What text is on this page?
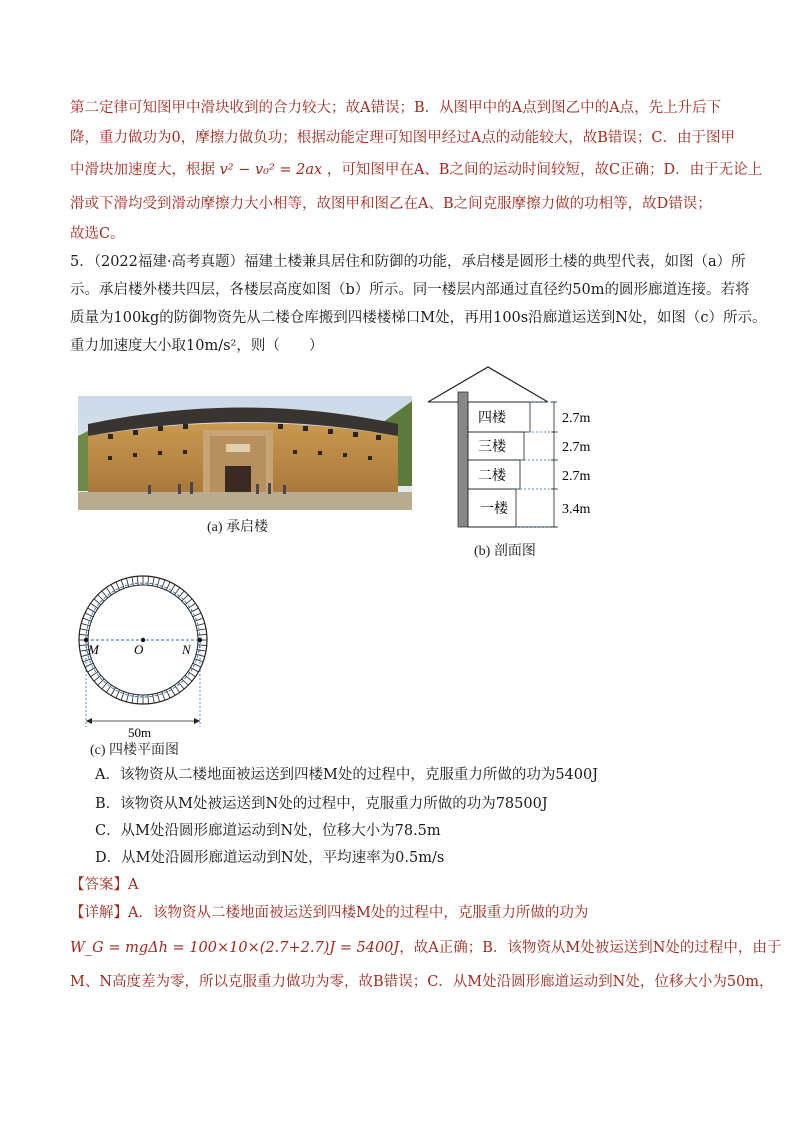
第二定律可知图甲中滑块收到的合力较大；故A错误；B．从图甲中的A点到图乙中的A点，先上升后下
降，重力做功为0，摩擦力做负功；根据动能定理可知图甲经过A点的动能较大，故B错误；C．由于图甲
中滑块加速度大，根据 v² − v₀² = 2ax ，可知图甲在A、B之间的运动时间较短，故C正确；D．由于无论上
滑或下滑均受到滑动摩擦力大小相等，故图甲和图乙在A、B之间克服摩擦力做的功相等，故D错误；
故选C。
5．（2022福建·高考真题）福建土楼兼具居住和防御的功能，承启楼是圆形土楼的典型代表，如图（a）所
示。承启楼外楼共四层，各楼层高度如图（b）所示。同一楼层内部通过直径约50m的圆形廊道连接。若将
质量为100kg的防御物资先从二楼仓库搬到四楼楼梯口M处，再用100s沿廊道运送到N处，如图（c）所示。
重力加速度大小取10m/s²，则（　　）
(a) 承启楼
四楼
三楼
二楼
一楼
2.7m
2.7m
2.7m
3.4m
(b) 剖面图
M	O	N
50m
(c) 四楼平面图
A．该物资从二楼地面被运送到四楼M处的过程中，克服重力所做的功为5400J
B．该物资从M处被运送到N处的过程中，克服重力所做的功为78500J
C．从M处沿圆形廊道运动到N处，位移大小为78.5m
D．从M处沿圆形廊道运动到N处，平均速率为0.5m/s
【答案】A
【详解】A．该物资从二楼地面被运送到四楼M处的过程中，克服重力所做的功为
W_G = mgΔh = 100×10×(2.7+2.7)J = 5400J，故A正确；B．该物资从M处被运送到N处的过程中，由于
M、N高度差为零，所以克服重力做功为零，故B错误；C．从M处沿圆形廊道运动到N处，位移大小为50m，
